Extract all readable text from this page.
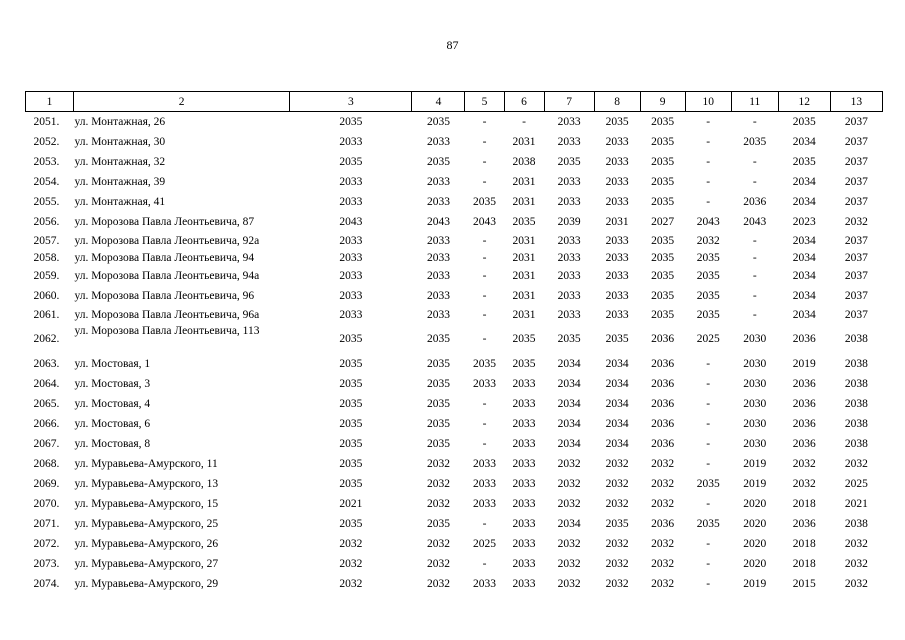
87
1	2	3	4	5	6	7	8	9	10	11	12	13
2051.	ул. Монтажная, 26	2035	2035	-	-	2033	2035	2035	-	-	2035	2037
2052.	ул. Монтажная, 30	2033	2033	-	2031	2033	2033	2035	-	2035	2034	2037
2053.	ул. Монтажная, 32	2035	2035	-	2038	2035	2033	2035	-	-	2035	2037
2054.	ул. Монтажная, 39	2033	2033	-	2031	2033	2033	2035	-	-	2034	2037
2055.	ул. Монтажная, 41	2033	2033	2035	2031	2033	2033	2035	-	2036	2034	2037
2056.	ул. Морозова Павла Леонтьевича, 87	2043	2043	2043	2035	2039	2031	2027	2043	2043	2023	2032
2057.	ул. Морозова Павла Леонтьевича, 92а	2033	2033	-	2031	2033	2033	2035	2032	-	2034	2037
2058.	ул. Морозова Павла Леонтьевича, 94	2033	2033	-	2031	2033	2033	2035	2035	-	2034	2037
2059.	ул. Морозова Павла Леонтьевича, 94а	2033	2033	-	2031	2033	2033	2035	2035	-	2034	2037
2060.	ул. Морозова Павла Леонтьевича, 96	2033	2033	-	2031	2033	2033	2035	2035	-	2034	2037
2061.	ул. Морозова Павла Леонтьевича, 96а	2033	2033	-	2031	2033	2033	2035	2035	-	2034	2037
2062.	ул. Морозова Павла Леонтьевича, 113	2035	2035	-	2035	2035	2035	2036	2025	2030	2036	2038
2063.	ул. Мостовая, 1	2035	2035	2035	2035	2034	2034	2036	-	2030	2019	2038
2064.	ул. Мостовая, 3	2035	2035	2033	2033	2034	2034	2036	-	2030	2036	2038
2065.	ул. Мостовая, 4	2035	2035	-	2033	2034	2034	2036	-	2030	2036	2038
2066.	ул. Мостовая, 6	2035	2035	-	2033	2034	2034	2036	-	2030	2036	2038
2067.	ул. Мостовая, 8	2035	2035	-	2033	2034	2034	2036	-	2030	2036	2038
2068.	ул. Муравьева-Амурского, 11	2035	2032	2033	2033	2032	2032	2032	-	2019	2032	2032
2069.	ул. Муравьева-Амурского, 13	2035	2032	2033	2033	2032	2032	2032	2035	2019	2032	2025
2070.	ул. Муравьева-Амурского, 15	2021	2032	2033	2033	2032	2032	2032	-	2020	2018	2021
2071.	ул. Муравьева-Амурского, 25	2035	2035	-	2033	2034	2035	2036	2035	2020	2036	2038
2072.	ул. Муравьева-Амурского, 26	2032	2032	2025	2033	2032	2032	2032	-	2020	2018	2032
2073.	ул. Муравьева-Амурского, 27	2032	2032	-	2033	2032	2032	2032	-	2020	2018	2032
2074.	ул. Муравьева-Амурского, 29	2032	2032	2033	2033	2032	2032	2032	-	2019	2015	2032
